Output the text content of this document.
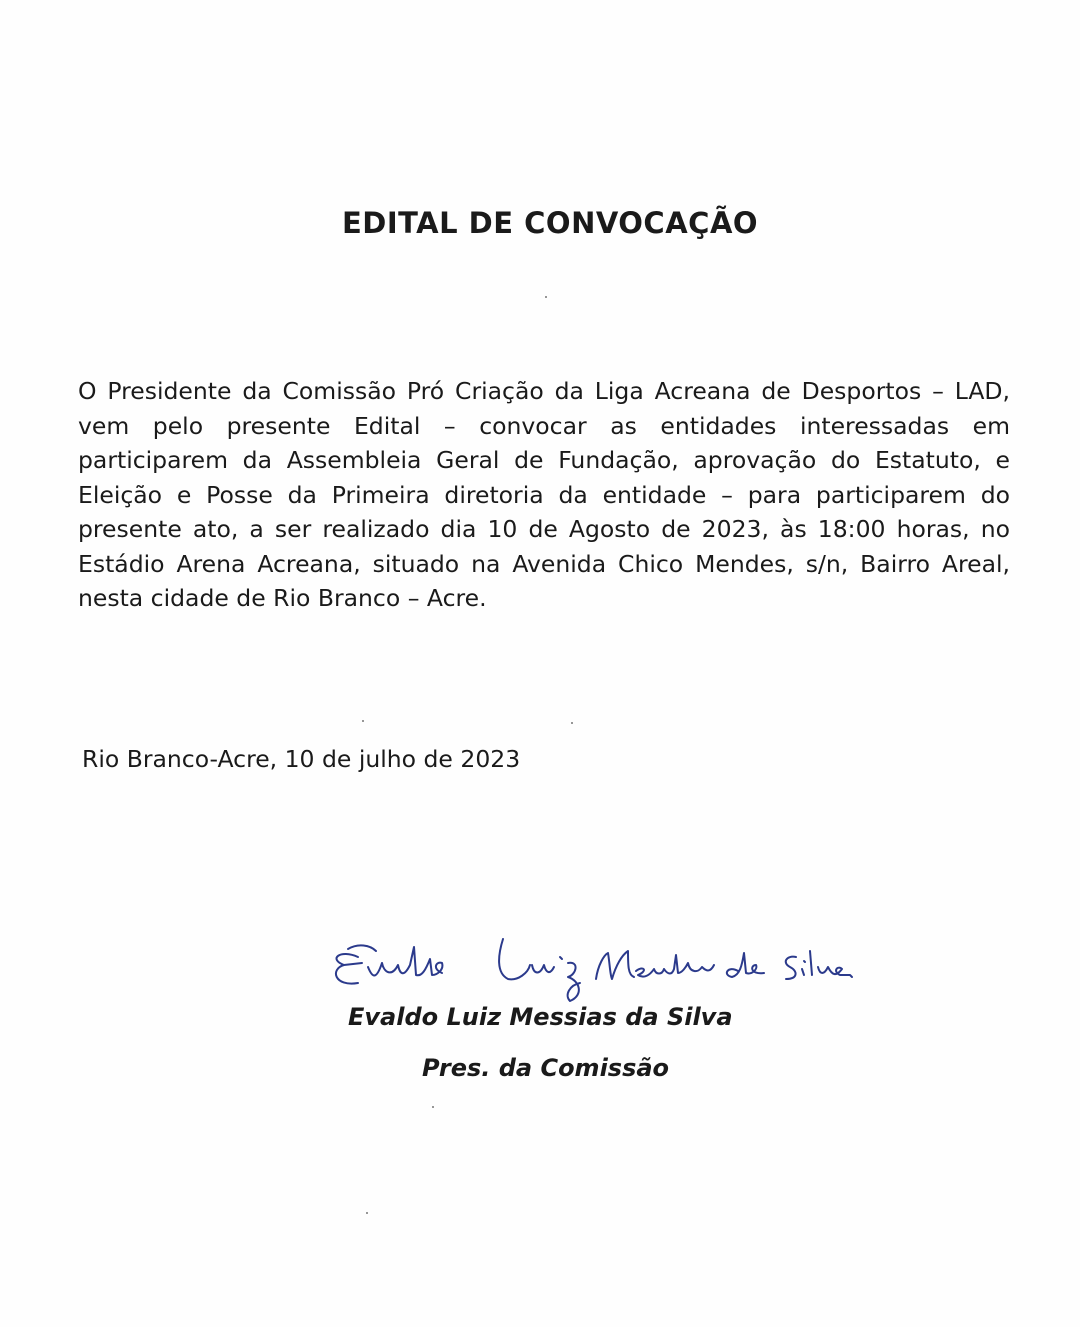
EDITAL DE CONVOCAÇÃO
O Presidente da Comissão Pró Criação da Liga Acreana de Desportos – LAD, vem pelo presente Edital – convocar as entidades interessadas em participarem da Assembleia Geral de Fundação, aprovação do Estatuto, e Eleição e Posse da Primeira diretoria da entidade – para participarem do presente ato, a ser realizado dia 10 de Agosto de 2023, às 18:00 horas, no Estádio Arena Acreana, situado na Avenida Chico Mendes, s/n, Bairro Areal, nesta cidade de Rio Branco – Acre.
Rio Branco-Acre, 10 de julho de 2023
Evaldo Luiz Messias da Silva
Pres. da Comissão
